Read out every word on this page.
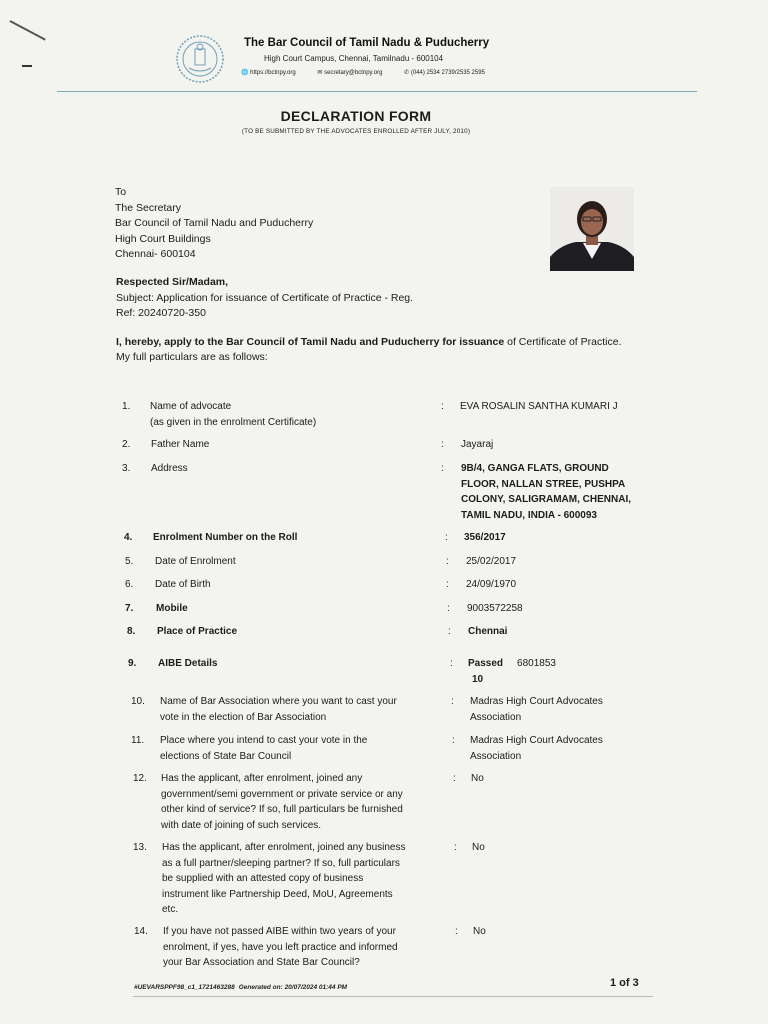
The Bar Council of Tamil Nadu & Puducherry
High Court Campus, Chennai, Tamilnadu - 600104
🌐 https://bctnpy.org	✉ secretary@bctnpy.org	✆ (044) 2534 2739/2535 2595
DECLARATION FORM
(TO BE SUBMITTED BY THE ADVOCATES ENROLLED AFTER JULY, 2010)
To
The Secretary
Bar Council of Tamil Nadu and Puducherry
High Court Buildings
Chennai- 600104
Respected Sir/Madam,
Subject: Application for issuance of Certificate of Practice - Reg.
Ref: 20240720-350
I, hereby, apply to the Bar Council of Tamil Nadu and Puducherry for issuance of Certificate of Practice.
My full particulars are as follows:
1. Name of advocate
(as given in the enrolment Certificate)
: EVA ROSALIN SANTHA KUMARI J
2. Father Name	: Jayaraj
3. Address	: 9B/4, GANGA FLATS, GROUND
FLOOR, NALLAN STREE, PUSHPA
COLONY, SALIGRAMAM, CHENNAI,
TAMIL NADU, INDIA - 600093
4. Enrolment Number on the Roll	: 356/2017
5. Date of Enrolment	: 25/02/2017
6. Date of Birth	: 24/09/1970
7. Mobile	: 9003572258
8. Place of Practice	: Chennai
9. AIBE Details	: Passed 6801853
10
10. Name of Bar Association where you want to cast your
vote in the election of Bar Association
: Madras High Court Advocates
Association
11. Place where you intend to cast your vote in the
elections of State Bar Council
: Madras High Court Advocates
Association
12. Has the applicant, after enrolment, joined any
government/semi government or private service or any
other kind of service? If so, full particulars be furnished
with date of joining of such services.
: No
13. Has the applicant, after enrolment, joined any business
as a full partner/sleeping partner? If so, full particulars
be supplied with an attested copy of business
instrument like Partnership Deed, MoU, Agreements
etc.
: No
14. If you have not passed AIBE within two years of your
enrolment, if yes, have you left practice and informed
your Bar Association and State Bar Council?
: No
#UEVARSPPF98_c1_1721463288 Generated on: 20/07/2024 01:44 PM	1 of 3
